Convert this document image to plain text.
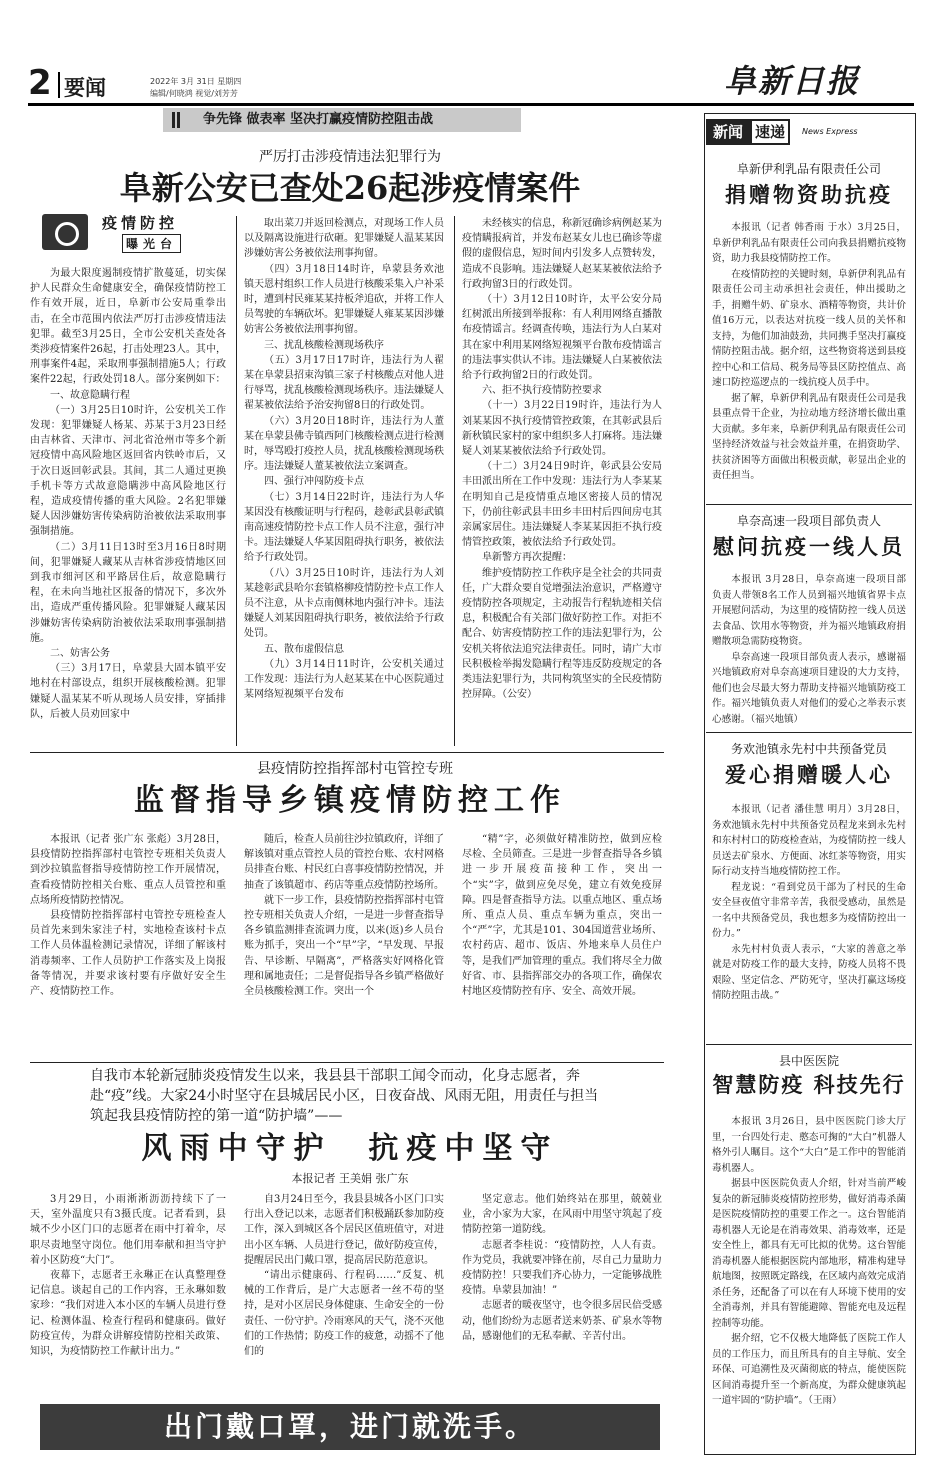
2 要闻	2022年 3月 31日 星期四
编辑/何晓鸿 视觉/刘芳芳	阜新日报
争先锋 做表率 坚决打赢疫情防控阻击战
严厉打击涉疫情违法犯罪行为
阜新公安已查处26起涉疫情案件
疫情防控
曝光台

为最大限度遏制疫情扩散蔓延，切实保护人民群众生命健康安全，确保疫情防控工作有效开展，近日，阜新市公安局重拳出击，在全市范围内依法严厉打击涉疫情违法犯罪。截至3月25日，全市公安机关查处各类涉疫情案件26起，打击处理23人。其中，刑事案件4起，采取刑事强制措施5人；行政案件22起，行政处罚18人。部分案例如下：

一、故意隐瞒行程

（一）3月25日10时许，公安机关工作发现：犯罪嫌疑人杨某、苏某于3月23日经由吉林省、天津市、河北省沧州市等多个新冠疫情中高风险地区返回省内铁岭市后，又于次日返回彰武县。其间，其二人通过更换手机卡等方式故意隐瞒涉中高风险地区行程，造成疫情传播的重大风险。2名犯罪嫌疑人因涉嫌妨害传染病防治被依法采取刑事强制措施。

（二）3月11日13时至3月16日8时期间，犯罪嫌疑人藏某从吉林省涉疫情地区回到我市细河区和平路居住后，故意隐瞒行程，在未向当地社区报备的情况下，多次外出，造成严重传播风险。犯罪嫌疑人藏某因涉嫌妨害传染病防治被依法采取刑事强制措施。

二、妨害公务

（三）3月17日，阜蒙县大固本镇平安地村在村部设点，组织开展核酸检测。犯罪嫌疑人温某某不听从现场人员安排，穿插排队，后被人员劝回家中

取出菜刀并返回检测点，对现场工作人员以及隔离设施进行砍砸。犯罪嫌疑人温某某因涉嫌妨害公务被依法刑事拘留。

（四）3月18日14时许，阜蒙县务欢池镇天恩村组织工作人员进行核酸采集入户补采时，遭到村民雍某某持板斧追砍，并将工作人员驾驶的车辆砍坏。犯罪嫌疑人雍某某因涉嫌妨害公务被依法刑事拘留。

三、扰乱核酸检测现场秩序

（五）3月17日17时许，违法行为人翟某在阜蒙县招束沟镇三家子村核酸点对他人进行辱骂，扰乱核酸检测现场秩序。违法嫌疑人翟某被依法给予治安拘留8日的行政处罚。

（六）3月20日18时许，违法行为人董某在阜蒙县佛寺镇西阿门核酸检测点进行检测时，辱骂殴打疫控人员，扰乱核酸检测现场秩序。违法嫌疑人董某被依法立案调查。

四、强行冲闯防疫卡点

（七）3月14日22时许，违法行为人华某因没有核酸证明与行程码，趁彰武县彰武镇南高速疫情防控卡点工作人员不注意，强行冲卡。违法嫌疑人华某因阻碍执行职务，被依法给予行政处罚。

（八）3月25日10时许，违法行为人刘某趁彰武县哈尔套镇格柳疫情防控卡点工作人员不注意，从卡点南侧林地内强行冲卡。违法嫌疑人刘某因阻碍执行职务，被依法给予行政处罚。

五、散布虚假信息

（九）3月14日11时许，公安机关通过工作发现：违法行为人赵某某在中心医院通过某网络短视频平台发布

未经核实的信息，称新冠确诊病例赵某为疫情瞒报病首，并发布赵某女儿也已确诊等虚假的虚假信息，短时间内引发多人点赞转发，造成不良影响。违法嫌疑人赵某某被依法给予行政拘留3日的行政处罚。

（十）3月12日10时许，太平公安分局红树派出所接到举报称：有人利用网络直播散布疫情谣言。经调查传唤，违法行为人白某对其在家中利用某网络短视频平台散布疫情谣言的违法事实供认不讳。违法嫌疑人白某被依法给予行政拘留2日的行政处罚。

六、拒不执行疫情防控要求

（十一）3月22日19时许，违法行为人刘某某因不执行疫情管控政策，在其彰武县后新秋镇民家村的家中组织多人打麻将。违法嫌疑人刘某某被依法给予行政处罚。

（十二）3月24日9时许，彰武县公安局丰田派出所在工作中发现：违法行为人李某某在明知自己是疫情重点地区密接人员的情况下，仍前往彰武县丰田乡丰田村后四间房屯其亲属家居住。违法嫌疑人李某某因拒不执行疫情管控政策，被依法给予行政处罚。

阜新警方再次提醒：

维护疫情防控工作秩序是全社会的共同责任，广大群众要自觉增强法治意识，严格遵守疫情防控各项规定，主动报告行程轨迹相关信息，积极配合有关部门做好防控工作。对拒不配合、妨害疫情防控工作的违法犯罪行为，公安机关将依法追究法律责任。同时，请广大市民积极检举揭发隐瞒行程等违反防疫规定的各类违法犯罪行为，共同构筑坚实的全民疫情防控屏障。（公安）

县疫情防控指挥部村屯管控专班
监督指导乡镇疫情防控工作

本报讯（记者 张广东 张彪）3月28日，县疫情防控指挥部村屯管控专班相关负责人到沙拉镇监督指导疫情防控工作开展情况，查看疫情防控相关台账、重点人员管控和重点场所疫情防控情况。

县疫情防控指挥部村屯管控专班检查人员首先来到朱家洼子村，实地检查该村卡点工作人员体温检测记录情况，详细了解该村消毒频率、工作人员防护工作落实及上岗报备等情况，并要求该村要有序做好安全生产、疫情防控工作。

随后，检查人员前往沙拉镇政府，详细了解该镇对重点管控人员的管控台账、农村网格员排查台账、村民红白喜事疫情防控情况，并抽查了该镇超市、药店等重点疫情防控场所。

就下一步工作，县疫情防控指挥部村屯管控专班相关负责人介绍，一是进一步督查指导各乡镇监测排查流调力度，以来(返)乡人员台账为抓手，突出一个“早”字，“早发现、早报告、早诊断、早隔离”，严格落实好网格化管理和属地责任；二是督促指导各乡镇严格做好全员核酸检测工作。突出一个

“精”字，必须做好精准防控，做到应检尽检、全员筛查。三是进一步督查指导各乡镇进一步开展疫苗接种工作，突出一个“实”字，做到应免尽免，建立有效免疫屏障。四是督查指导方法。以重点地区、重点场所、重点人员、重点车辆为重点，突出一个“严”字，尤其是101、304国道营业场所、农村药店、超市、饭店、外地来阜人员住户等，是我们严加管理的重点。我们将尽全力做好省、市、县指挥部交办的各项工作，确保农村地区疫情防控有序、安全、高效开展。

自我市本轮新冠肺炎疫情发生以来，我县县干部职工闻令而动，化身志愿者，奔赴“疫”线。大家24小时坚守在县城居民小区，日夜奋战、风雨无阻，用责任与担当筑起我县疫情防控的第一道“防护墙”——
风雨中守护  抗疫中坚守
本报记者 王美娟 张广东

3月29日，小雨淅淅沥沥持续下了一天，室外温度只有3摄氏度。记者看到，县城不少小区门口的志愿者在雨中打着伞，尽职尽责地坚守岗位。他们用奉献和担当守护着小区防疫“大门”。

夜幕下，志愿者王永琳正在认真整理登记信息。谈起自己的工作内容，王永琳如数家珍：“我们对进入本小区的车辆人员进行登记、检测体温、检查行程码和健康码。做好防疫宣传，为群众讲解疫情防控相关政策、知识，为疫情防控工作献计出力。”

自3月24日至今，我县县城各小区门口实行出入登记以来，志愿者们积极踊跃参加防疫工作，深入到城区各个居民区值班值守，对进出小区车辆、人员进行登记，做好防疫宣传，提醒居民出门戴口罩，提高居民防范意识。

“请出示健康码、行程码……”反复、机械的工作背后，是广大志愿者一丝不苟的坚持，是对小区居民身体健康、生命安全的一份责任、一份守护。冷雨寒风的天气，浇不灭他们的工作热情；防疫工作的疲惫，动摇不了他们的

坚定意志。他们始终站在那里，兢兢业业，舍小家为大家，在风雨中用坚守筑起了疫情防控第一道防线。

志愿者李桂说：“疫情防控，人人有责。作为党员，我就要冲锋在前，尽自己力量助力疫情防控！只要我们齐心协力，一定能够战胜疫情。阜蒙县加油！”

志愿者的暖夜坚守，也令很多居民倍受感动，他们纷纷为志愿者送来奶茶、矿泉水等物品，感谢他们的无私奉献、辛苦付出。

出门戴口罩，进门就洗手。
新闻 速递	News Express
阜新伊利乳品有限责任公司
捐赠物资助抗疫

本报讯（记者 韩香雨 于水）3月25日，阜新伊利乳品有限责任公司向我县捐赠抗疫物资，助力我县疫情防控工作。

在疫情防控的关键时刻，阜新伊利乳品有限责任公司主动承担社会责任，伸出援助之手，捐赠牛奶、矿泉水、酒精等物资，共计价值16万元，以表达对抗疫一线人员的关怀和支持，为他们加油鼓劲，共同携手坚决打赢疫情防控阻击战。据介绍，这些物资将送到县疫控中心和工信局、税务局等县区防控值点、高速口防控巡逻点的一线抗疫人员手中。

据了解，阜新伊利乳品有限责任公司是我县重点骨干企业，为拉动地方经济增长做出重大贡献。多年来，阜新伊利乳品有限责任公司坚持经济效益与社会效益并重，在捐资助学、扶贫济困等方面做出积极贡献，彰显出企业的责任担当。

阜奈高速一段项目部负责人
慰问抗疫一线人员

本报讯 3月28日，阜奈高速一段项目部负责人带领8名工作人员到福兴地镇省界卡点开展慰问活动，为这里的疫情防控一线人员送去食品、饮用水等物资，并为福兴地镇政府捐赠散项急需防疫物资。

阜奈高速一段项目部负责人表示，感谢福兴地镇政府对阜奈高速项目建设的大力支持，他们也会尽最大努力帮助支持福兴地镇防疫工作。福兴地镇负责人对他们的爱心之举表示衷心感谢。（福兴地镇）

务欢池镇永先村中共预备党员
爱心捐赠暖人心

本报讯（记者 潘佳慧 明月）3月28日，务欢池镇永先村中共预备党员程龙来到永先村和东村村口的防疫检查站，为疫情防控一线人员送去矿泉水、方便面、冰红茶等物资，用实际行动支持当地疫情防控工作。

程龙说：“看到党员干部为了村民的生命安全昼夜值守非常辛苦，我很受感动，虽然是一名中共预备党员，我也想多为疫情防控出一份力。”

永先村村负责人表示，“大家的善意之举就是对防疫工作的最大支持，防疫人员将不畏艰险、坚定信念、严防死守，坚决打赢这场疫情防控阻击战。”

县中医医院
智慧防疫 科技先行

本报讯 3月26日，县中医医院门诊大厅里，一台四处行走、憨态可掬的“大白”机器人格外引人瞩目。这个“大白”是工作中的智能消毒机器人。

据县中医医院负责人介绍，针对当前严峻复杂的新冠肺炎疫情防控形势，做好消毒杀菌是医院疫情防控的重要工作之一。这台智能消毒机器人无论是在消毒效果、消毒效率，还是安全性上，都具有无可比拟的优势。这台智能消毒机器人能根据医院内部地形，精准构建导航地图，按照既定路线，在区域内高效完成消杀任务，还配备了可以在有人环境下使用的安全消毒剂，并具有智能避障、智能充电及远程控制等功能。

据介绍，它不仅极大地降低了医院工作人员的工作压力，而且所具有的自主导航、安全环保、可追溯性及灭菌彻底的特点，能使医院区间消毒提升至一个新高度，为群众健康筑起一道牢固的“防护墙”。（王雨）
